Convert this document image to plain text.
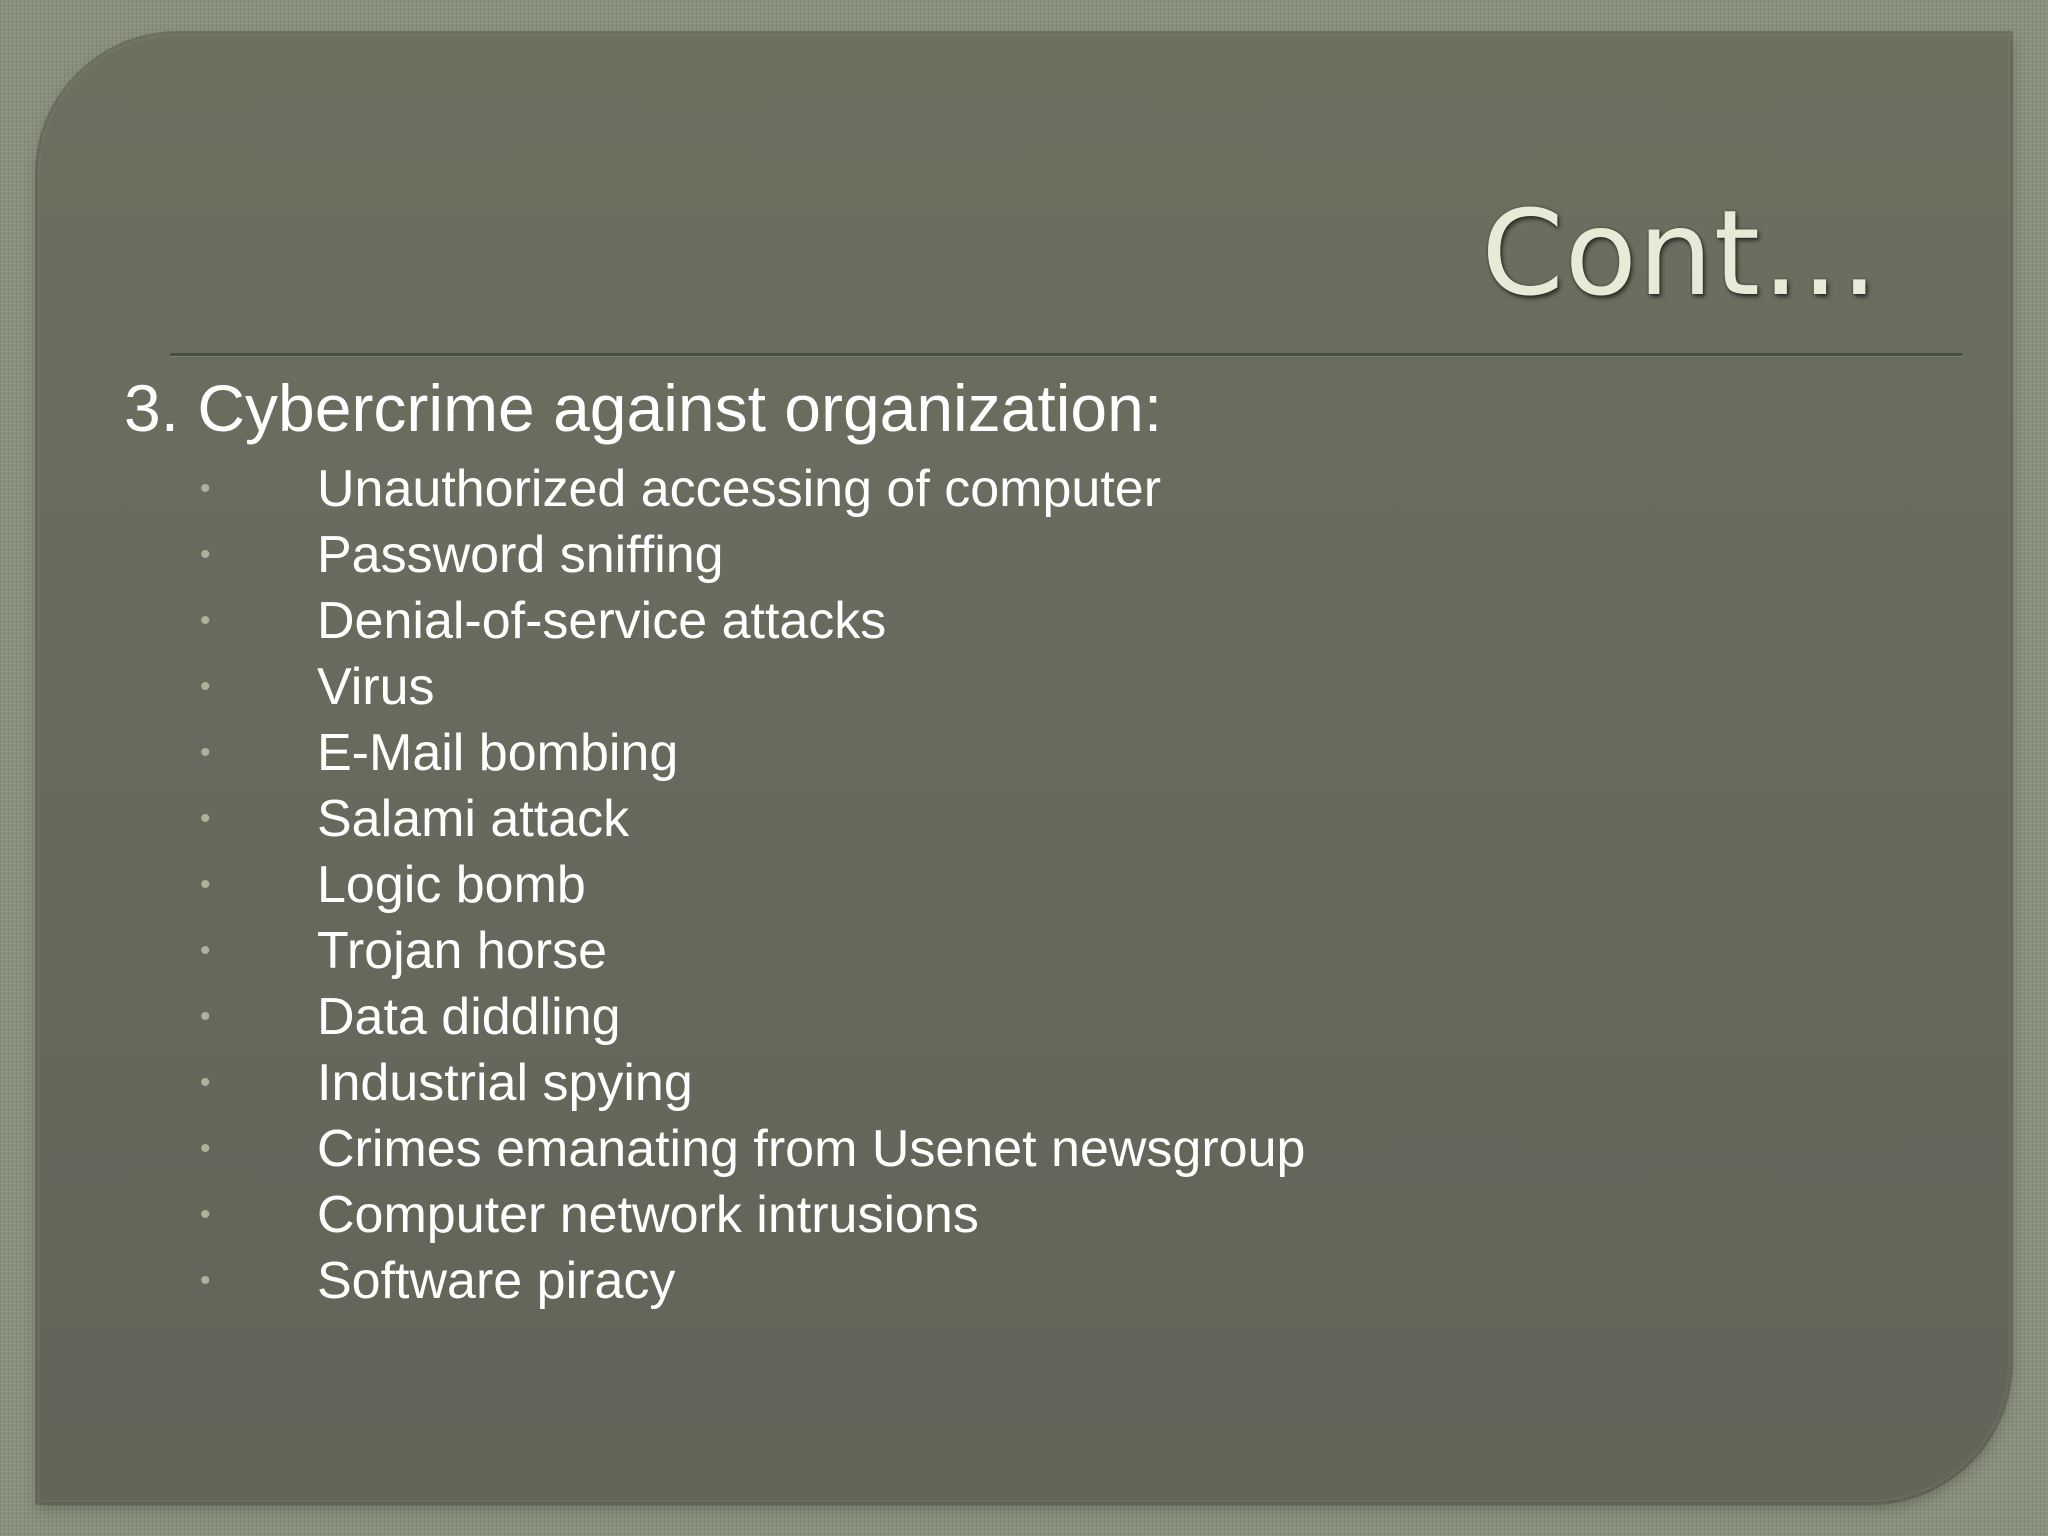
Cont…
3. Cybercrime against organization:
• Unauthorized accessing of computer
• Password sniffing
• Denial-of-service attacks
• Virus
• E-Mail bombing
• Salami attack
• Logic bomb
• Trojan horse
• Data diddling
• Industrial spying
• Crimes emanating from Usenet newsgroup
• Computer network intrusions
• Software piracy
